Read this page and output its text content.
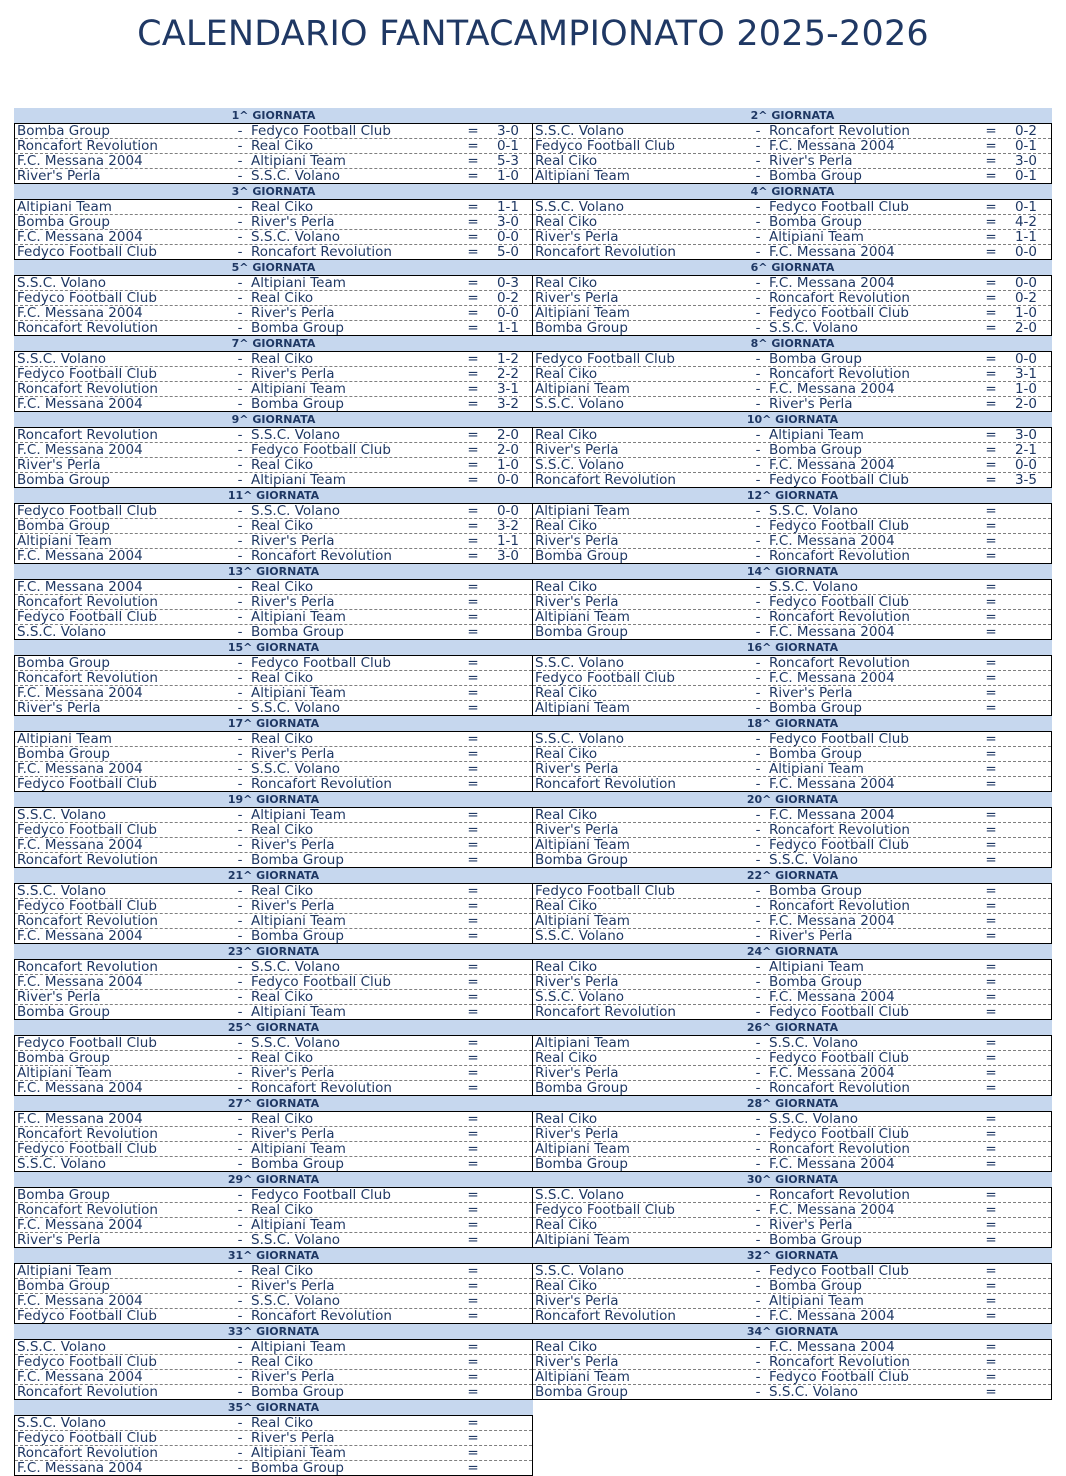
CALENDARIO FANTACAMPIONATO 2025-2026
1^ GIORNATA
Bomba Group	- Fedyco Football Club	=	3-0
Roncafort Revolution	- Real Ciko	=	0-1
F.C. Messana 2004	- Altipiani Team	=	5-3
River's Perla	- S.S.C. Volano	=	1-0
2^ GIORNATA
S.S.C. Volano	- Roncafort Revolution	=	0-2
Fedyco Football Club	- F.C. Messana 2004	=	0-1
Real Ciko	- River's Perla	=	3-0
Altipiani Team	- Bomba Group	=	0-1
3^ GIORNATA
Altipiani Team	- Real Ciko	=	1-1
Bomba Group	- River's Perla	=	3-0
F.C. Messana 2004	- S.S.C. Volano	=	0-0
Fedyco Football Club	- Roncafort Revolution	=	5-0
4^ GIORNATA
S.S.C. Volano	- Fedyco Football Club	=	0-1
Real Ciko	- Bomba Group	=	4-2
River's Perla	- Altipiani Team	=	1-1
Roncafort Revolution	- F.C. Messana 2004	=	0-0
5^ GIORNATA
S.S.C. Volano	- Altipiani Team	=	0-3
Fedyco Football Club	- Real Ciko	=	0-2
F.C. Messana 2004	- River's Perla	=	0-0
Roncafort Revolution	- Bomba Group	=	1-1
6^ GIORNATA
Real Ciko	- F.C. Messana 2004	=	0-0
River's Perla	- Roncafort Revolution	=	0-2
Altipiani Team	- Fedyco Football Club	=	1-0
Bomba Group	- S.S.C. Volano	=	2-0
7^ GIORNATA
S.S.C. Volano	- Real Ciko	=	1-2
Fedyco Football Club	- River's Perla	=	2-2
Roncafort Revolution	- Altipiani Team	=	3-1
F.C. Messana 2004	- Bomba Group	=	3-2
8^ GIORNATA
Fedyco Football Club	- Bomba Group	=	0-0
Real Ciko	- Roncafort Revolution	=	3-1
Altipiani Team	- F.C. Messana 2004	=	1-0
S.S.C. Volano	- River's Perla	=	2-0
9^ GIORNATA
Roncafort Revolution	- S.S.C. Volano	=	2-0
F.C. Messana 2004	- Fedyco Football Club	=	2-0
River's Perla	- Real Ciko	=	1-0
Bomba Group	- Altipiani Team	=	0-0
10^ GIORNATA
Real Ciko	- Altipiani Team	=	3-0
River's Perla	- Bomba Group	=	2-1
S.S.C. Volano	- F.C. Messana 2004	=	0-0
Roncafort Revolution	- Fedyco Football Club	=	3-5
11^ GIORNATA
Fedyco Football Club	- S.S.C. Volano	=	0-0
Bomba Group	- Real Ciko	=	3-2
Altipiani Team	- River's Perla	=	1-1
F.C. Messana 2004	- Roncafort Revolution	=	3-0
12^ GIORNATA
Altipiani Team	- S.S.C. Volano	=
Real Ciko	- Fedyco Football Club	=
River's Perla	- F.C. Messana 2004	=
Bomba Group	- Roncafort Revolution	=
13^ GIORNATA
F.C. Messana 2004	- Real Ciko	=
Roncafort Revolution	- River's Perla	=
Fedyco Football Club	- Altipiani Team	=
S.S.C. Volano	- Bomba Group	=
14^ GIORNATA
Real Ciko	- S.S.C. Volano	=
River's Perla	- Fedyco Football Club	=
Altipiani Team	- Roncafort Revolution	=
Bomba Group	- F.C. Messana 2004	=
15^ GIORNATA
Bomba Group	- Fedyco Football Club	=
Roncafort Revolution	- Real Ciko	=
F.C. Messana 2004	- Altipiani Team	=
River's Perla	- S.S.C. Volano	=
16^ GIORNATA
S.S.C. Volano	- Roncafort Revolution	=
Fedyco Football Club	- F.C. Messana 2004	=
Real Ciko	- River's Perla	=
Altipiani Team	- Bomba Group	=
17^ GIORNATA
Altipiani Team	- Real Ciko	=
Bomba Group	- River's Perla	=
F.C. Messana 2004	- S.S.C. Volano	=
Fedyco Football Club	- Roncafort Revolution	=
18^ GIORNATA
S.S.C. Volano	- Fedyco Football Club	=
Real Ciko	- Bomba Group	=
River's Perla	- Altipiani Team	=
Roncafort Revolution	- F.C. Messana 2004	=
19^ GIORNATA
S.S.C. Volano	- Altipiani Team	=
Fedyco Football Club	- Real Ciko	=
F.C. Messana 2004	- River's Perla	=
Roncafort Revolution	- Bomba Group	=
20^ GIORNATA
Real Ciko	- F.C. Messana 2004	=
River's Perla	- Roncafort Revolution	=
Altipiani Team	- Fedyco Football Club	=
Bomba Group	- S.S.C. Volano	=
21^ GIORNATA
S.S.C. Volano	- Real Ciko	=
Fedyco Football Club	- River's Perla	=
Roncafort Revolution	- Altipiani Team	=
F.C. Messana 2004	- Bomba Group	=
22^ GIORNATA
Fedyco Football Club	- Bomba Group	=
Real Ciko	- Roncafort Revolution	=
Altipiani Team	- F.C. Messana 2004	=
S.S.C. Volano	- River's Perla	=
23^ GIORNATA
Roncafort Revolution	- S.S.C. Volano	=
F.C. Messana 2004	- Fedyco Football Club	=
River's Perla	- Real Ciko	=
Bomba Group	- Altipiani Team	=
24^ GIORNATA
Real Ciko	- Altipiani Team	=
River's Perla	- Bomba Group	=
S.S.C. Volano	- F.C. Messana 2004	=
Roncafort Revolution	- Fedyco Football Club	=
25^ GIORNATA
Fedyco Football Club	- S.S.C. Volano	=
Bomba Group	- Real Ciko	=
Altipiani Team	- River's Perla	=
F.C. Messana 2004	- Roncafort Revolution	=
26^ GIORNATA
Altipiani Team	- S.S.C. Volano	=
Real Ciko	- Fedyco Football Club	=
River's Perla	- F.C. Messana 2004	=
Bomba Group	- Roncafort Revolution	=
27^ GIORNATA
F.C. Messana 2004	- Real Ciko	=
Roncafort Revolution	- River's Perla	=
Fedyco Football Club	- Altipiani Team	=
S.S.C. Volano	- Bomba Group	=
28^ GIORNATA
Real Ciko	- S.S.C. Volano	=
River's Perla	- Fedyco Football Club	=
Altipiani Team	- Roncafort Revolution	=
Bomba Group	- F.C. Messana 2004	=
29^ GIORNATA
Bomba Group	- Fedyco Football Club	=
Roncafort Revolution	- Real Ciko	=
F.C. Messana 2004	- Altipiani Team	=
River's Perla	- S.S.C. Volano	=
30^ GIORNATA
S.S.C. Volano	- Roncafort Revolution	=
Fedyco Football Club	- F.C. Messana 2004	=
Real Ciko	- River's Perla	=
Altipiani Team	- Bomba Group	=
31^ GIORNATA
Altipiani Team	- Real Ciko	=
Bomba Group	- River's Perla	=
F.C. Messana 2004	- S.S.C. Volano	=
Fedyco Football Club	- Roncafort Revolution	=
32^ GIORNATA
S.S.C. Volano	- Fedyco Football Club	=
Real Ciko	- Bomba Group	=
River's Perla	- Altipiani Team	=
Roncafort Revolution	- F.C. Messana 2004	=
33^ GIORNATA
S.S.C. Volano	- Altipiani Team	=
Fedyco Football Club	- Real Ciko	=
F.C. Messana 2004	- River's Perla	=
Roncafort Revolution	- Bomba Group	=
34^ GIORNATA
Real Ciko	- F.C. Messana 2004	=
River's Perla	- Roncafort Revolution	=
Altipiani Team	- Fedyco Football Club	=
Bomba Group	- S.S.C. Volano	=
35^ GIORNATA
S.S.C. Volano	- Real Ciko	=
Fedyco Football Club	- River's Perla	=
Roncafort Revolution	- Altipiani Team	=
F.C. Messana 2004	- Bomba Group	=
